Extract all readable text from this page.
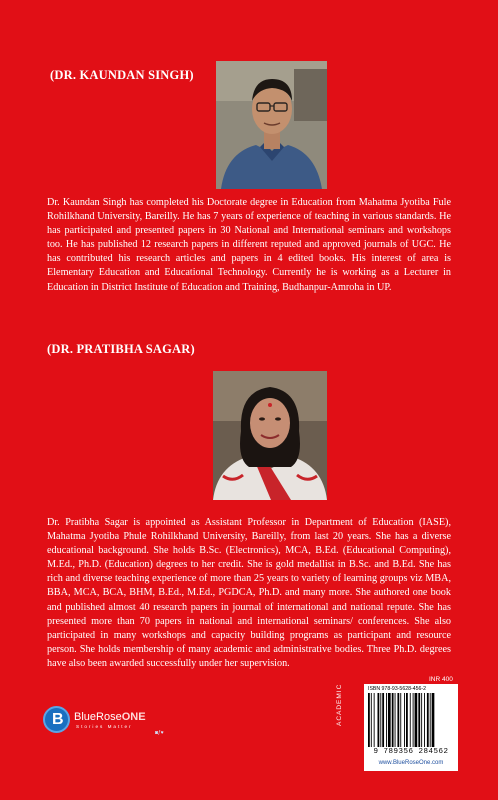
(DR. KAUNDAN SINGH)
Dr. Kaundan Singh has completed his Doctorate degree in Education from Mahatma Jyotiba Fule Rohilkhand University, Bareilly. He has 7 years of experience of teaching in various standards. He has participated and presented papers in 30 National and International seminars and workshops too. He has published 12 research papers in different reputed and approved journals of UGC. He has contributed his research articles and papers in 4 edited books. His interest of area is Elementary Education and Educational Technology. Currently he is working as a Lecturer in Education in District Institute of Education and Training, Budhanpur-Amroha in UP.
(DR. PRATIBHA SAGAR)
Dr. Pratibha Sagar is appointed as Assistant Professor in Department of Education (IASE), Mahatma Jyotiba Phule Rohilkhand University, Bareilly, from last 20 years. She has a diverse educational background. She holds B.Sc. (Electronics), MCA, B.Ed. (Educational Computing), M.Ed., Ph.D. (Education) degrees to her credit. She is gold medallist in B.Sc. and B.Ed. She has rich and diverse teaching experience of more than 25 years to variety of learning groups viz MBA, BBA, MCA, BCA, BHM, B.Ed., M.Ed., PGDCA, Ph.D. and many more. She authored one book and published almost 40 research papers in journal of international and national repute. She has presented more than 70 papers in national and international seminars/ conferences. She also participated in many workshops and capacity building programs as participant and resource person. She holds membership of many academic and administrative bodies. Three Ph.D. degrees have also been awarded successfully under her supervision.
INR 400
ACADEMIC
B BlueRoseONE
Stories Matter
◙ƒ♥
ISBN 978-93-5628-456-2
9 789356 284562
www.BlueRoseOne.com
